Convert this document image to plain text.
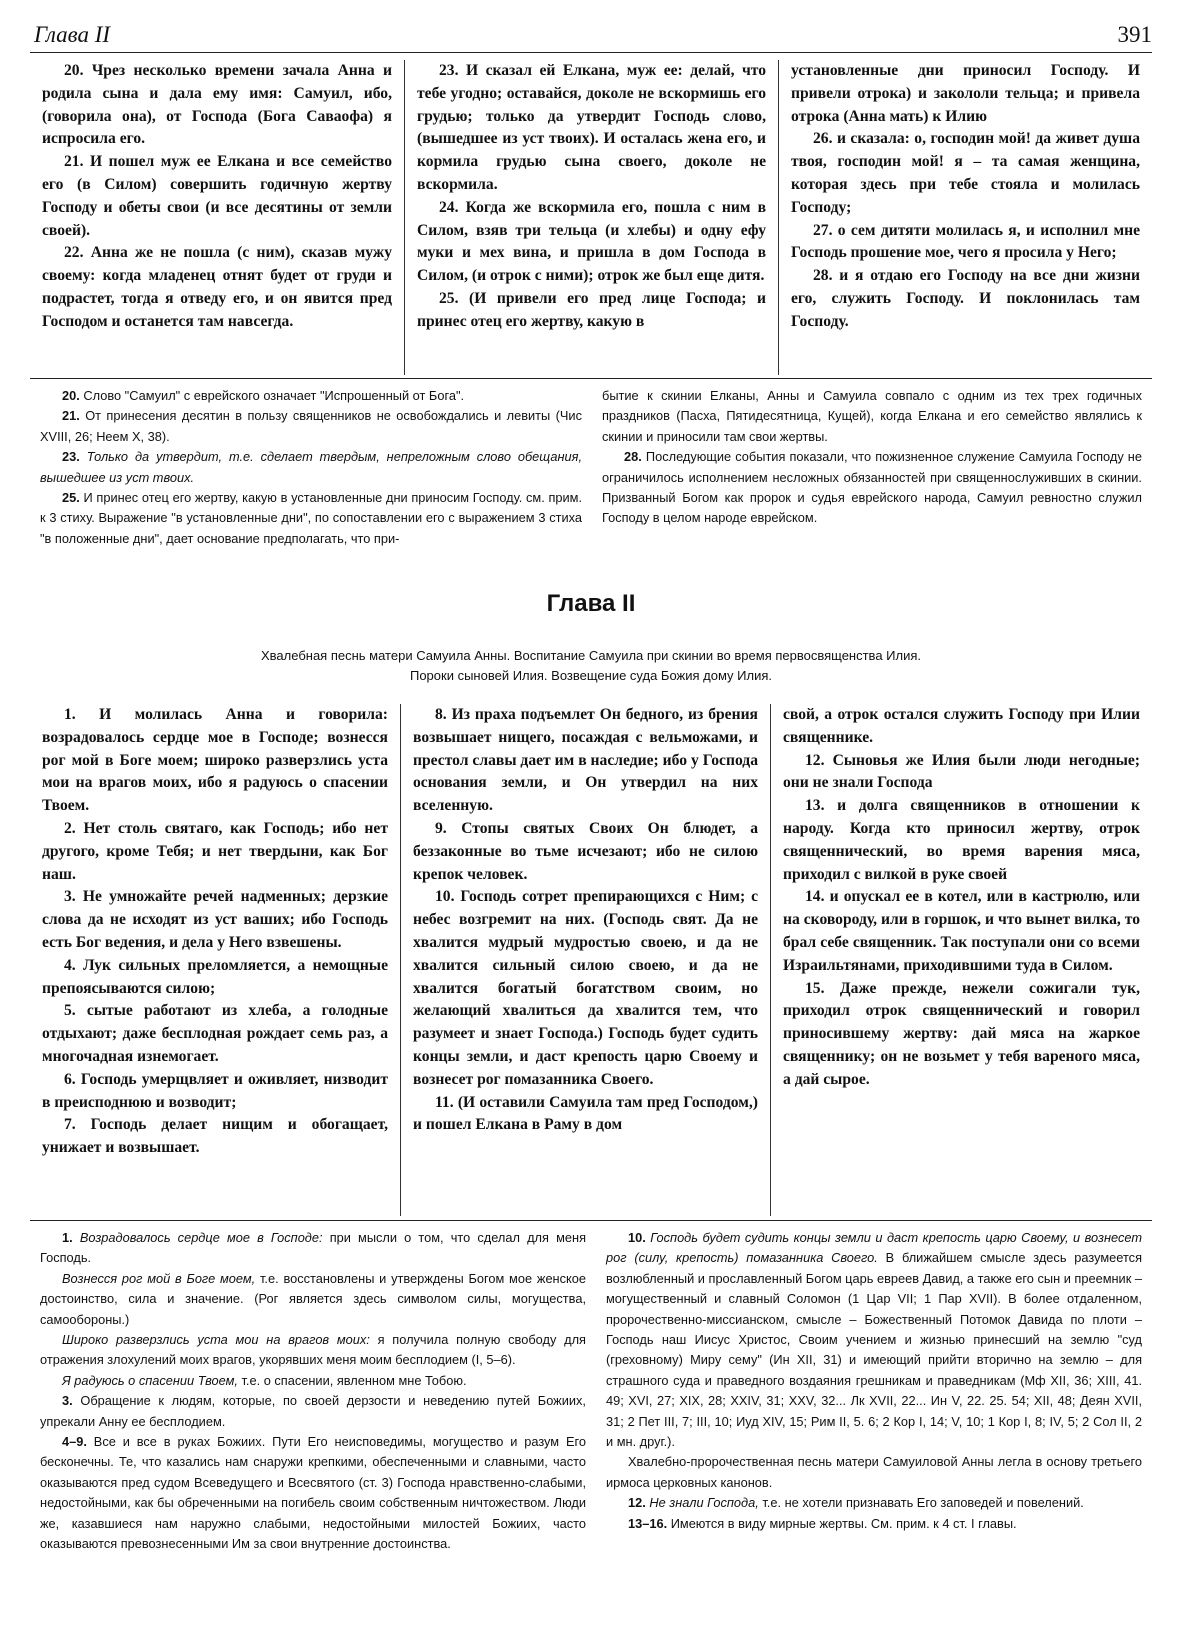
Глава II	391

20. Чрез несколько времени зачала Анна и родила сына и дала ему имя: Самуил, ибо, (говорила она), от Господа (Бога Саваофа) я испросила его.

21. И пошел муж ее Елкана и все семейство его (в Силом) совершить годичную жертву Господу и обеты свои (и все десятины от земли своей).

22. Анна же не пошла (с ним), сказав мужу своему: когда младенец отнят будет от груди и подрастет, тогда я отведу его, и он явится пред Господом и останется там навсегда.

23. И сказал ей Елкана, муж ее: делай, что тебе угодно; оставайся, доколе не вскормишь его грудью; только да утвердит Господь слово, (вышедшее из уст твоих). И осталась жена его, и кормила грудью сына своего, доколе не вскормила.

24. Когда же вскормила его, пошла с ним в Силом, взяв три тельца (и хлебы) и одну ефу муки и мех вина, и пришла в дом Господа в Силом, (и отрок с ними); отрок же был еще дитя.

25. (И привели его пред лице Господа; и принес отец его жертву, какую в

установленные дни приносил Господу. И привели отрока) и закололи тельца; и привела отрока (Анна мать) к Илию

26. и сказала: о, господин мой! да живет душа твоя, господин мой! я – та самая женщина, которая здесь при тебе стояла и молилась Господу;

27. о сем дитяти молилась я, и исполнил мне Господь прошение мое, чего я просила у Него;

28. и я отдаю его Господу на все дни жизни его, служить Господу. И поклонилась там Господу.

20. Слово "Самуил" с еврейского означает "Испрошенный от Бога".

21. От принесения десятин в пользу священников не освобождались и левиты (Чис XVIII, 26; Неем X, 38).

23. Только да утвердит, т.е. сделает твердым, непреложным слово обещания, вышедшее из уст твоих.

25. И принес отец его жертву, какую в установленные дни приносим Господу. см. прим. к 3 стиху. Выражение "в установленные дни", по сопоставлении его с выражением 3 стиха "в положенные дни", дает основание предполагать, что при-

бытие к скинии Елканы, Анны и Самуила совпало с одним из тех трех годичных праздников (Пасха, Пятидесятница, Кущей), когда Елкана и его семейство являлись к скинии и приносили там свои жертвы.

28. Последующие события показали, что пожизненное служение Самуила Господу не ограничилось исполнением несложных обязанностей при священнослуживших в скинии. Призванный Богом как пророк и судья еврейского народа, Самуил ревностно служил Господу в целом народе еврейском.

Глава II
Хвалебная песнь матери Самуила Анны. Воспитание Самуила при скинии во время первосвященства Илия.
Пороки сыновей Илия. Возвещение суда Божия дому Илия.

1. И молилась Анна и говорила: возрадовалось сердце мое в Господе; вознесся рог мой в Боге моем; широко разверзлись уста мои на врагов моих, ибо я радуюсь о спасении Твоем.

2. Нет столь святаго, как Господь; ибо нет другого, кроме Тебя; и нет твердыни, как Бог наш.

3. Не умножайте речей надменных; дерзкие слова да не исходят из уст ваших; ибо Господь есть Бог ведения, и дела у Него взвешены.

4. Лук сильных преломляется, а немощные препоясываются силою;

5. сытые работают из хлеба, а голодные отдыхают; даже бесплодная рождает семь раз, а многочадная изнемогает.

6. Господь умерщвляет и оживляет, низводит в преисподнюю и возводит;

7. Господь делает нищим и обогащает, унижает и возвышает.

8. Из праха подъемлет Он бедного, из брения возвышает нищего, посаждая с вельможами, и престол славы дает им в наследие; ибо у Господа основания земли, и Он утвердил на них вселенную.

9. Стопы святых Своих Он блюдет, а беззаконные во тьме исчезают; ибо не силою крепок человек.

10. Господь сотрет препирающихся с Ним; с небес возгремит на них. (Господь свят. Да не хвалится мудрый мудростью своею, и да не хвалится сильный силою своею, и да не хвалится богатый богатством своим, но желающий хвалиться да хвалится тем, что разумеет и знает Господа.) Господь будет судить концы земли, и даст крепость царю Своему и вознесет рог помазанника Своего.

11. (И оставили Самуила там пред Господом,) и пошел Елкана в Раму в дом

свой, а отрок остался служить Господу при Илии священнике.

12. Сыновья же Илия были люди негодные; они не знали Господа

13. и долга священников в отношении к народу. Когда кто приносил жертву, отрок священнический, во время варения мяса, приходил с вилкой в руке своей

14. и опускал ее в котел, или в кастрюлю, или на сковороду, или в горшок, и что вынет вилка, то брал себе священник. Так поступали они со всеми Израильтянами, приходившими туда в Силом.

15. Даже прежде, нежели сожигали тук, приходил отрок священнический и говорил приносившему жертву: дай мяса на жаркое священнику; он не возьмет у тебя вареного мяса, а дай сырое.

1. Возрадовалось сердце мое в Господе: при мысли о том, что сделал для меня Господь.

Вознесся рог мой в Боге моем, т.е. восстановлены и утверждены Богом мое женское достоинство, сила и значение. (Рог является здесь символом силы, могущества, самообороны.)

Широко разверзлись уста мои на врагов моих: я получила полную свободу для отражения злохулений моих врагов, укорявших меня моим бесплодием (I, 5–6).

Я радуюсь о спасении Твоем, т.е. о спасении, явленном мне Тобою.

3. Обращение к людям, которые, по своей дерзости и неведению путей Божиих, упрекали Анну ее бесплодием.

4–9. Все и все в руках Божиих. Пути Его неисповедимы, могущество и разум Его бесконечны. Те, что казались нам снаружи крепкими, обеспеченными и славными, часто оказываются пред судом Всеведущего и Всесвятого (ст. 3) Господа нравственно-слабыми, недостойными, как бы обреченными на погибель своим собственным ничтожеством. Люди же, казавшиеся нам наружно слабыми, недостойными милостей Божиих, часто оказываются превознесенными Им за свои внутренние достоинства.

10. Господь будет судить концы земли и даст крепость царю Своему, и вознесет рог (силу, крепость) помазанника Своего. В ближайшем смысле здесь разумеется возлюбленный и прославленный Богом царь евреев Давид, а также его сын и преемник – могущественный и славный Соломон (1 Цар VII; 1 Пар XVII). В более отдаленном, пророчественно-миссианском, смысле – Божественный Потомок Давида по плоти – Господь наш Иисус Христос, Своим учением и жизнью принесший на землю "суд (греховному) Миру сему" (Ин XII, 31) и имеющий прийти вторично на землю – для страшного суда и праведного воздаяния грешникам и праведникам (Мф XII, 36; XIII, 41. 49; XVI, 27; XIX, 28; XXIV, 31; XXV, 32... Лк XVII, 22... Ин V, 22. 25. 54; XII, 48; Деян XVII, 31; 2 Пет III, 7; III, 10; Иуд XIV, 15; Рим II, 5. 6; 2 Кор I, 14; V, 10; 1 Кор I, 8; IV, 5; 2 Сол II, 2 и мн. друг.).

Хвалебно-пророчественная песнь матери Самуиловой Анны легла в основу третьего ирмоса церковных канонов.

12. Не знали Господа, т.е. не хотели признавать Его заповедей и повелений.

13–16. Имеются в виду мирные жертвы. См. прим. к 4 ст. I главы.
